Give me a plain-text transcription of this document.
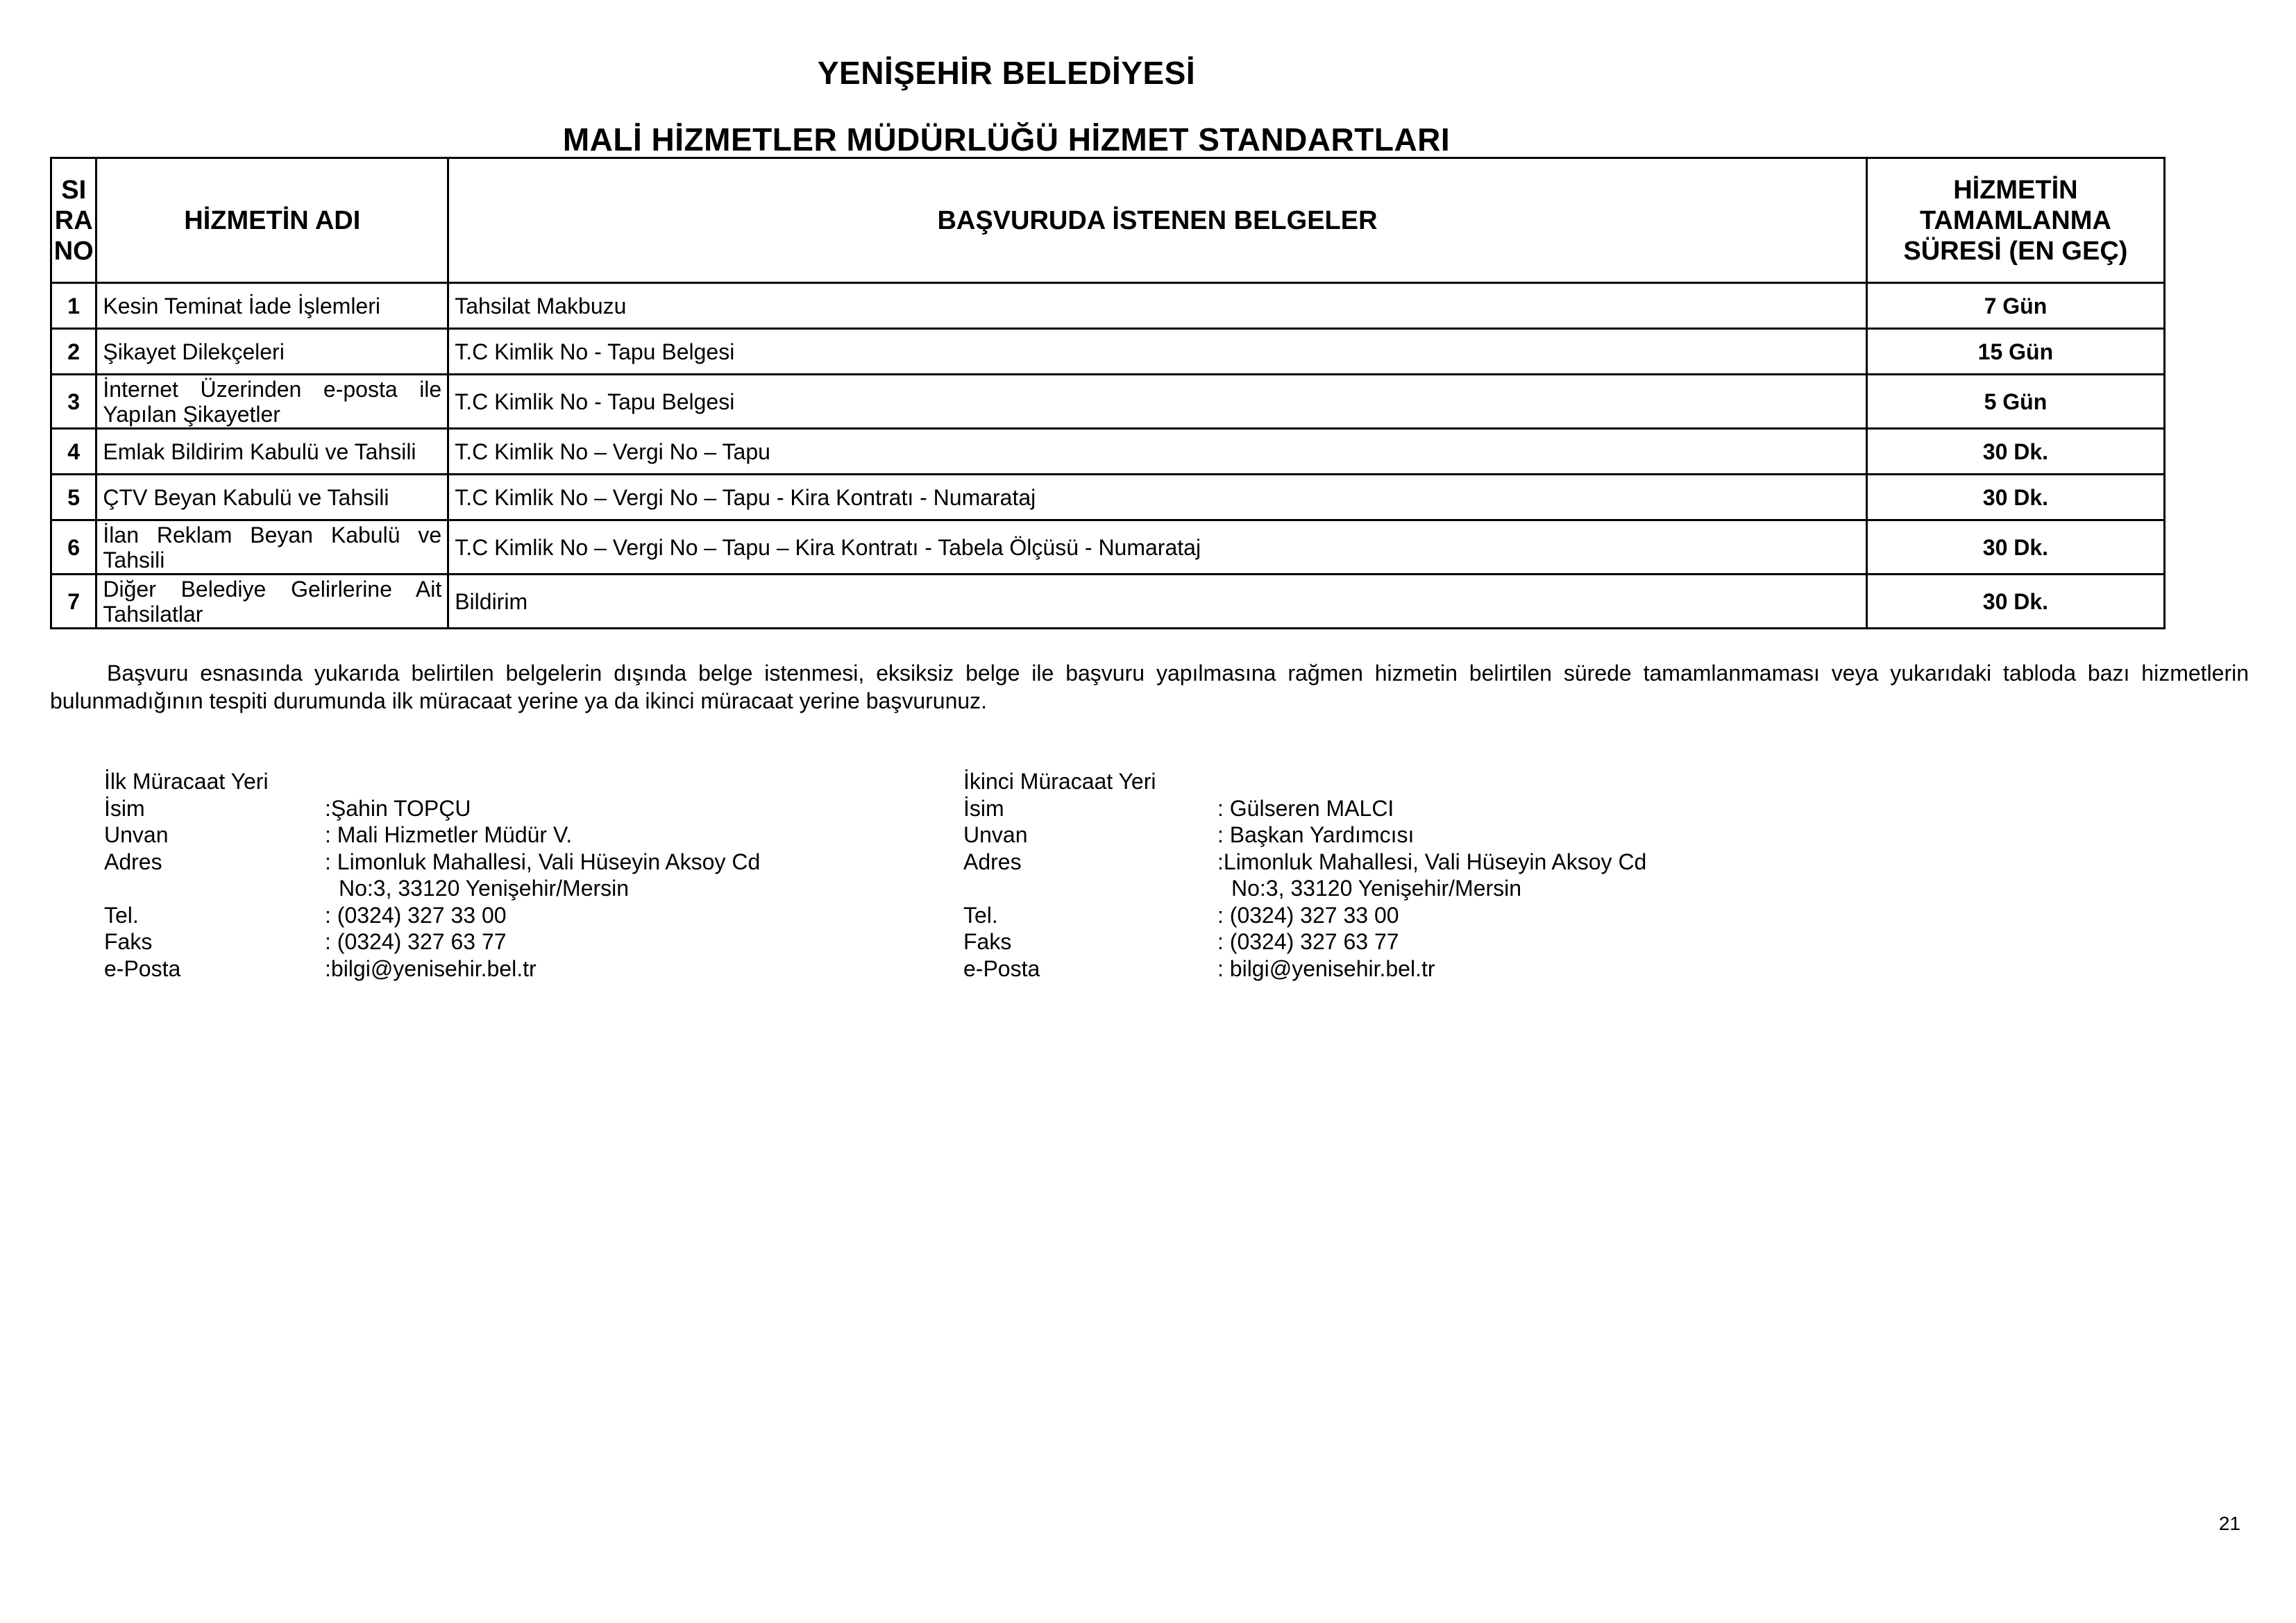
YENİŞEHİR BELEDİYESİ
MALİ HİZMETLER MÜDÜRLÜĞÜ HİZMET STANDARTLARI
SI RA NO	HİZMETİN ADI	BAŞVURUDA İSTENEN BELGELER	HİZMETİN TAMAMLANMA SÜRESİ (EN GEÇ)
1	Kesin Teminat İade İşlemleri	Tahsilat Makbuzu	7 Gün
2	Şikayet Dilekçeleri	T.C Kimlik No - Tapu Belgesi	15 Gün
3	İnternet Üzerinden e-posta ile Yapılan Şikayetler	T.C Kimlik No - Tapu Belgesi	5 Gün
4	Emlak Bildirim Kabulü ve Tahsili	T.C Kimlik No – Vergi No – Tapu	30 Dk.
5	ÇTV Beyan Kabulü ve Tahsili	T.C Kimlik No – Vergi No – Tapu - Kira Kontratı - Numarataj	30 Dk.
6	İlan Reklam Beyan Kabulü ve Tahsili	T.C Kimlik No – Vergi No – Tapu – Kira Kontratı - Tabela Ölçüsü - Numarataj	30 Dk.
7	Diğer Belediye Gelirlerine Ait Tahsilatlar	Bildirim	30 Dk.
Başvuru esnasında yukarıda belirtilen belgelerin dışında belge istenmesi, eksiksiz belge ile başvuru yapılmasına rağmen hizmetin belirtilen sürede tamamlanmaması veya yukarıdaki tabloda bazı hizmetlerin bulunmadığının tespiti durumunda ilk müracaat yerine ya da ikinci müracaat yerine başvurunuz.
İlk Müracaat Yeri
İsim	:Şahin TOPÇU
Unvan	: Mali Hizmetler Müdür V.
Adres	: Limonluk Mahallesi, Vali Hüseyin Aksoy Cd
No:3, 33120 Yenişehir/Mersin
Tel.	: (0324) 327 33 00
Faks	: (0324) 327 63 77
e-Posta	:bilgi@yenisehir.bel.tr
İkinci Müracaat Yeri
İsim	: Gülseren MALCI
Unvan	: Başkan Yardımcısı
Adres	:Limonluk Mahallesi, Vali Hüseyin Aksoy Cd
No:3, 33120 Yenişehir/Mersin
Tel.	: (0324) 327 33 00
Faks	: (0324) 327 63 77
e-Posta	: bilgi@yenisehir.bel.tr
21
